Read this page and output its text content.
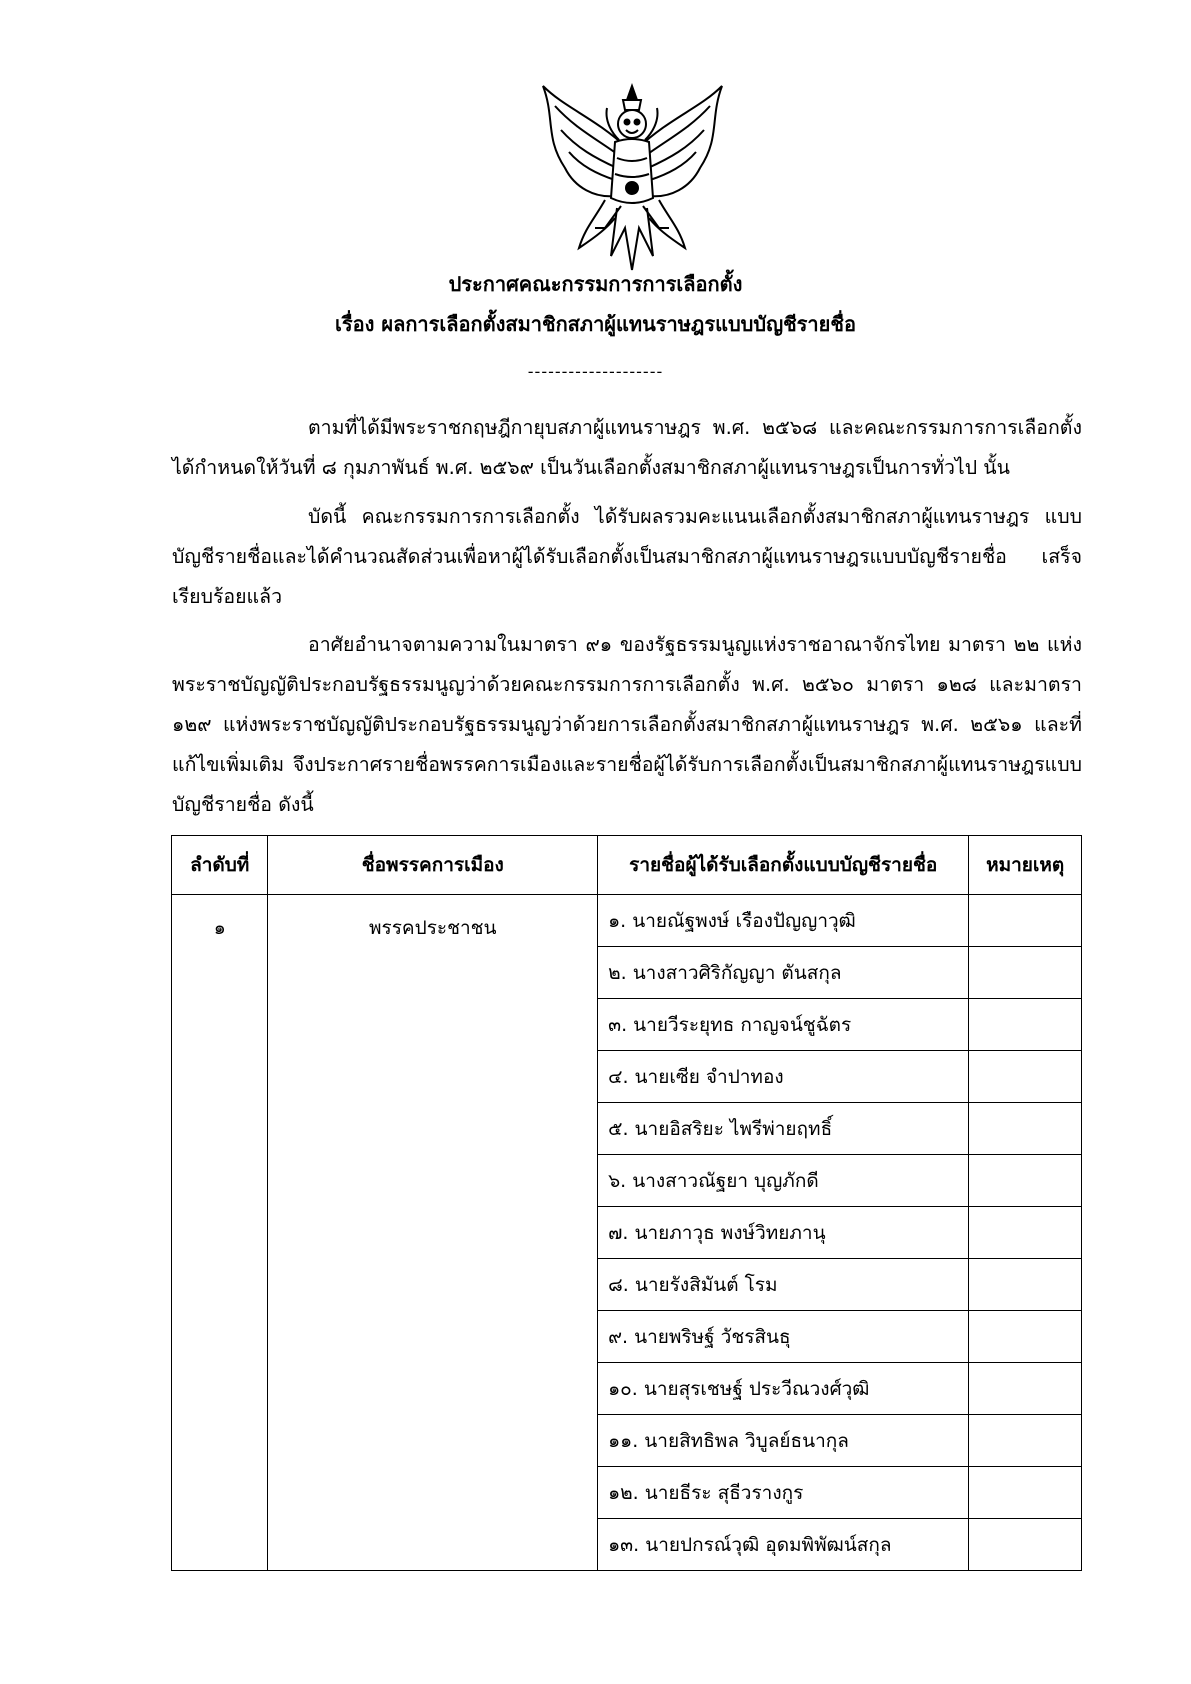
ประกาศคณะกรรมการการเลือกตั้ง
เรื่อง ผลการเลือกตั้งสมาชิกสภาผู้แทนราษฎรแบบบัญชีรายชื่อ
--------------------
ตามที่ได้มีพระราชกฤษฎีกายุบสภาผู้แทนราษฎร พ.ศ. ๒๕๖๘ และคณะกรรมการการเลือกตั้ง ได้กำหนดให้วันที่ ๘ กุมภาพันธ์ พ.ศ. ๒๕๖๙ เป็นวันเลือกตั้งสมาชิกสภาผู้แทนราษฎรเป็นการทั่วไป นั้น
บัดนี้ คณะกรรมการการเลือกตั้ง ได้รับผลรวมคะแนนเลือกตั้งสมาชิกสภาผู้แทนราษฎร แบบบัญชีรายชื่อและได้คำนวณสัดส่วนเพื่อหาผู้ได้รับเลือกตั้งเป็นสมาชิกสภาผู้แทนราษฎรแบบบัญชีรายชื่อ เสร็จเรียบร้อยแล้ว
อาศัยอำนาจตามความในมาตรา ๙๑ ของรัฐธรรมนูญแห่งราชอาณาจักรไทย มาตรา ๒๒ แห่งพระราชบัญญัติประกอบรัฐธรรมนูญว่าด้วยคณะกรรมการการเลือกตั้ง พ.ศ. ๒๕๖๐ มาตรา ๑๒๘ และมาตรา ๑๒๙ แห่งพระราชบัญญัติประกอบรัฐธรรมนูญว่าด้วยการเลือกตั้งสมาชิกสภาผู้แทนราษฎร พ.ศ. ๒๕๖๑ และที่แก้ไขเพิ่มเติม จึงประกาศรายชื่อพรรคการเมืองและรายชื่อผู้ได้รับการเลือกตั้งเป็นสมาชิกสภาผู้แทนราษฎรแบบบัญชีรายชื่อ ดังนี้
ลำดับที่	ชื่อพรรคการเมือง	รายชื่อผู้ได้รับเลือกตั้งแบบบัญชีรายชื่อ	หมายเหตุ
๑	พรรคประชาชน	๑. นายณัฐพงษ์ เรืองปัญญาวุฒิ	
		๒. นางสาวศิริกัญญา ตันสกุล	
		๓. นายวีระยุทธ กาญจน์ชูฉัตร	
		๔. นายเซีย จำปาทอง	
		๕. นายอิสริยะ ไพรีพ่ายฤทธิ์	
		๖. นางสาวณัฐยา บุญภักดี	
		๗. นายภาวุธ พงษ์วิทยภานุ	
		๘. นายรังสิมันต์ โรม	
		๙. นายพริษฐ์ วัชรสินธุ	
		๑๐. นายสุรเชษฐ์ ประวีณวงศ์วุฒิ	
		๑๑. นายสิทธิพล วิบูลย์ธนากุล	
		๑๒. นายธีระ สุธีวรางกูร	
		๑๓. นายปกรณ์วุฒิ อุดมพิพัฒน์สกุล	
